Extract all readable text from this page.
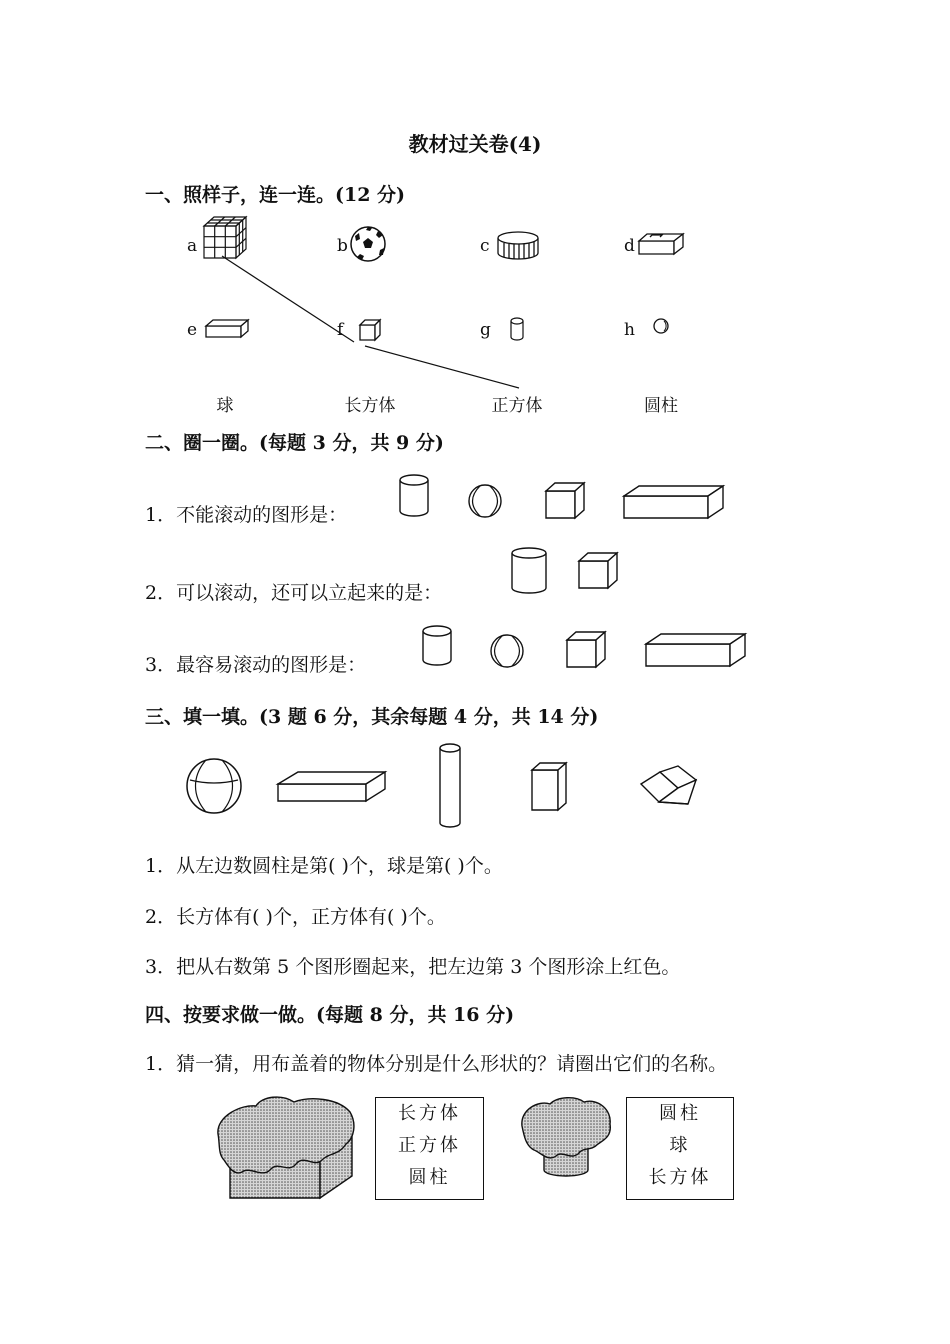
教材过关卷(4)
一、照样子，连一连。(12 分)
a	b	c	d
e	f	g	h
球	长方体	正方体	圆柱
二、圈一圈。(每题 3 分，共 9 分)
1．不能滚动的图形是：
2．可以滚动，还可以立起来的是：
3．最容易滚动的图形是：
三、填一填。(3 题 6 分，其余每题 4 分，共 14 分)
1．从左边数圆柱是第( )个，球是第( )个。
2．长方体有( )个，正方体有( )个。
3．把从右数第 5 个图形圈起来，把左边第 3 个图形涂上红色。
四、按要求做一做。(每题 8 分，共 16 分)
1．猜一猜，用布盖着的物体分别是什么形状的？请圈出它们的名称。
长方体
正方体
圆柱
圆柱
球
长方体
